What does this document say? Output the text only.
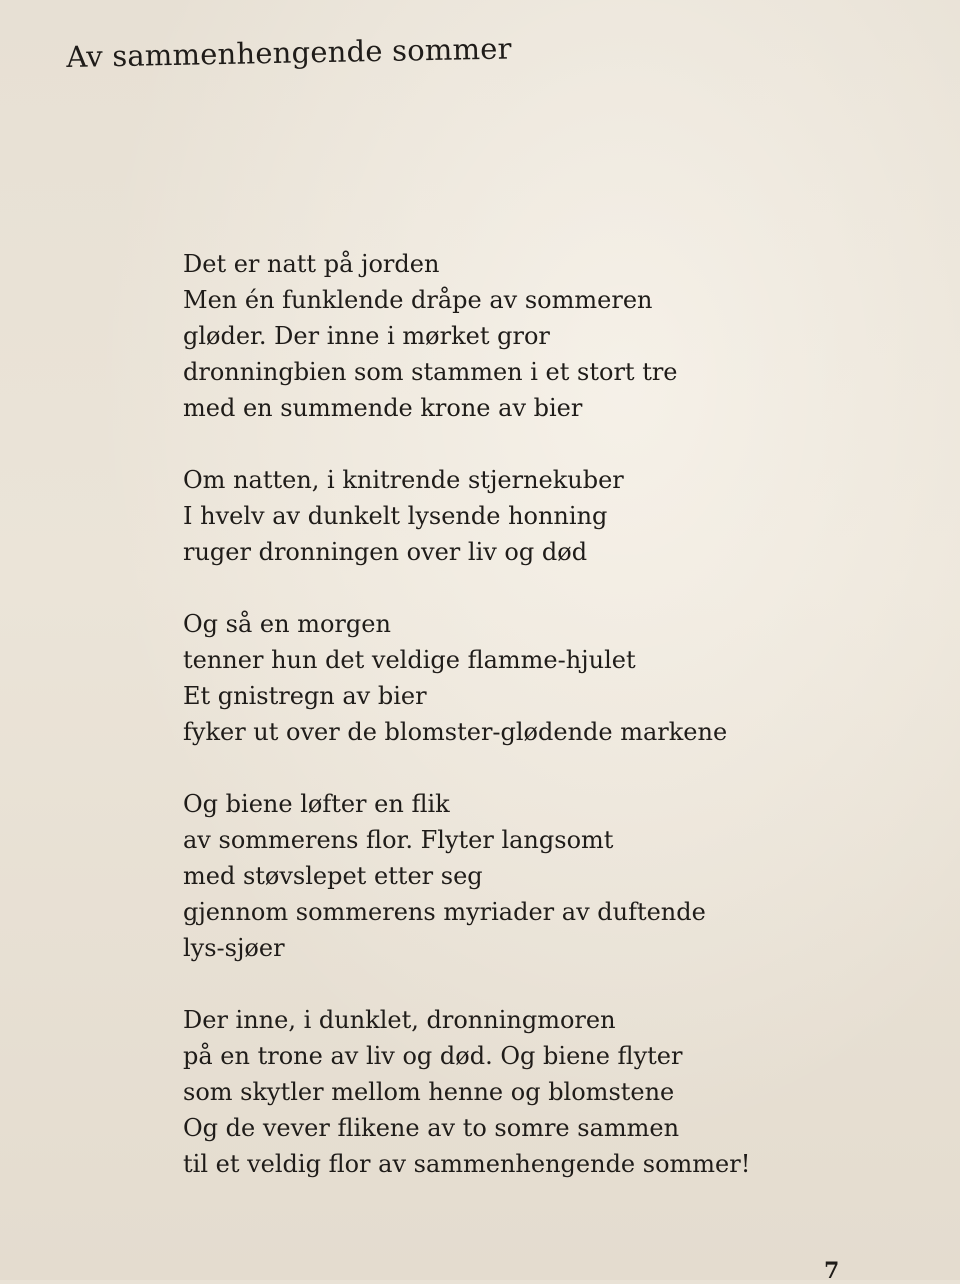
Av sammenhengende sommer
Det er natt på jorden
Men én funklende dråpe av sommeren
gløder. Der inne i mørket gror
dronningbien som stammen i et stort tre
med en summende krone av bier
Om natten, i knitrende stjernekuber
I hvelv av dunkelt lysende honning
ruger dronningen over liv og død
Og så en morgen
tenner hun det veldige flamme-hjulet
Et gnistregn av bier
fyker ut over de blomster-glødende markene
Og biene løfter en flik
av sommerens flor. Flyter langsomt
med støvslepet etter seg
gjennom sommerens myriader av duftende
lys-sjøer
Der inne, i dunklet, dronningmoren
på en trone av liv og død. Og biene flyter
som skytler mellom henne og blomstene
Og de vever flikene av to somre sammen
til et veldig flor av sammenhengende sommer!
7
